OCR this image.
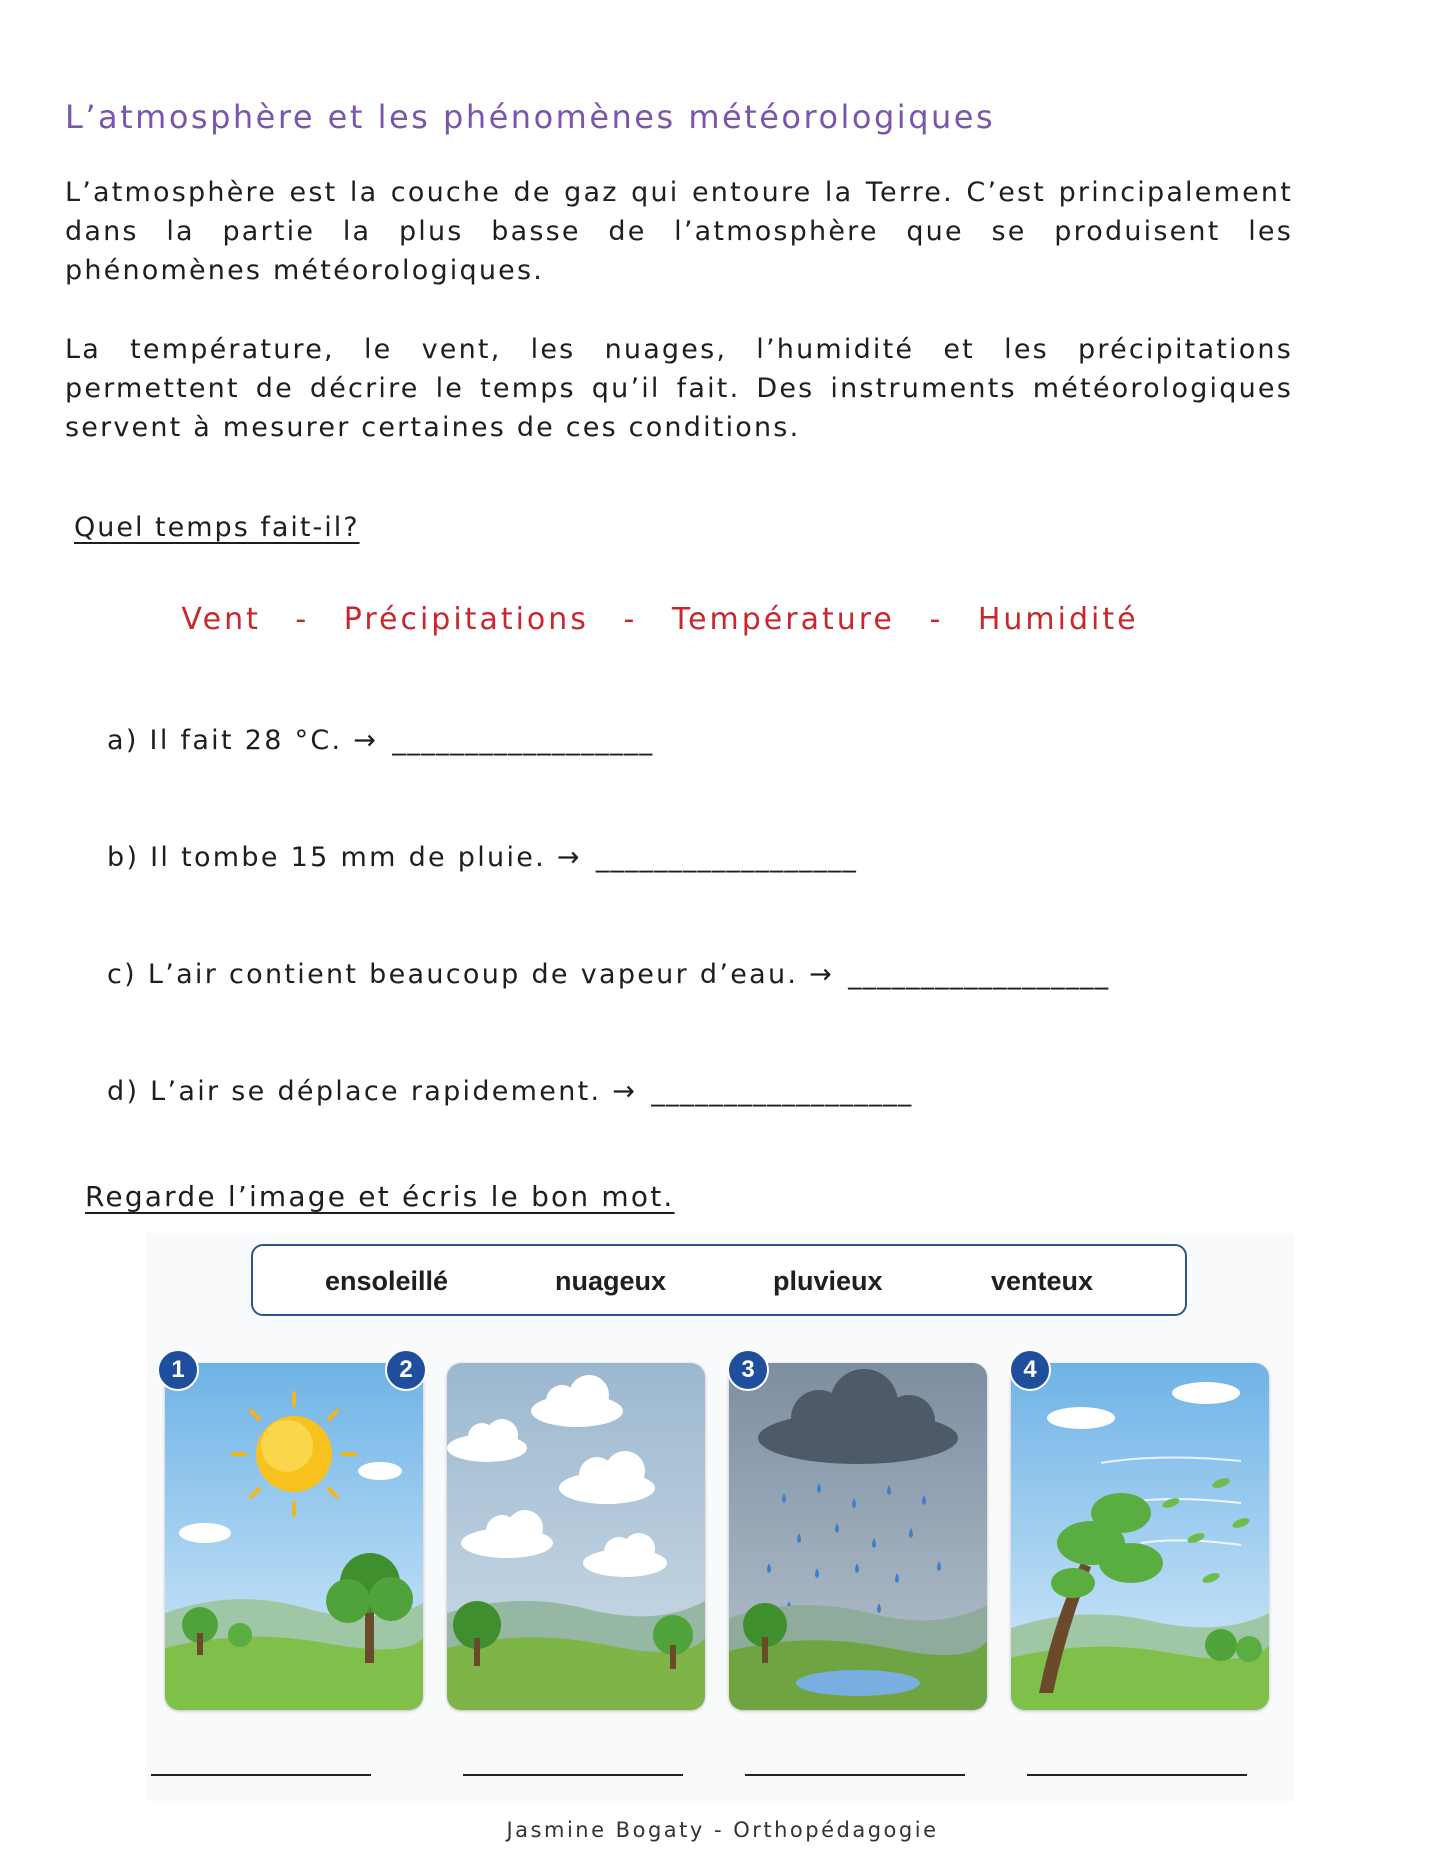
L’atmosphère et les phénomènes météorologiques

L’atmosphère est la couche de gaz qui entoure la Terre. C’est principalement dans la partie la plus basse de l’atmosphère que se produisent les phénomènes météorologiques.

La température, le vent, les nuages, l’humidité et les précipitations permettent de décrire le temps qu’il fait. Des instruments météorologiques servent à mesurer certaines de ces conditions.

Quel temps fait-il?
Vent - Précipitations - Température - Humidité
a) Il fait 28 °C. → __________________
b) Il tombe 15 mm de pluie. → __________________
c) L’air contient beaucoup de vapeur d’eau. → __________________
d) L’air se déplace rapidement. → __________________
Regarde l’image et écris le bon mot.
ensoleillé	nuageux	pluvieux	venteux
1	2	3	4
Jasmine Bogaty - Orthopédagogie
